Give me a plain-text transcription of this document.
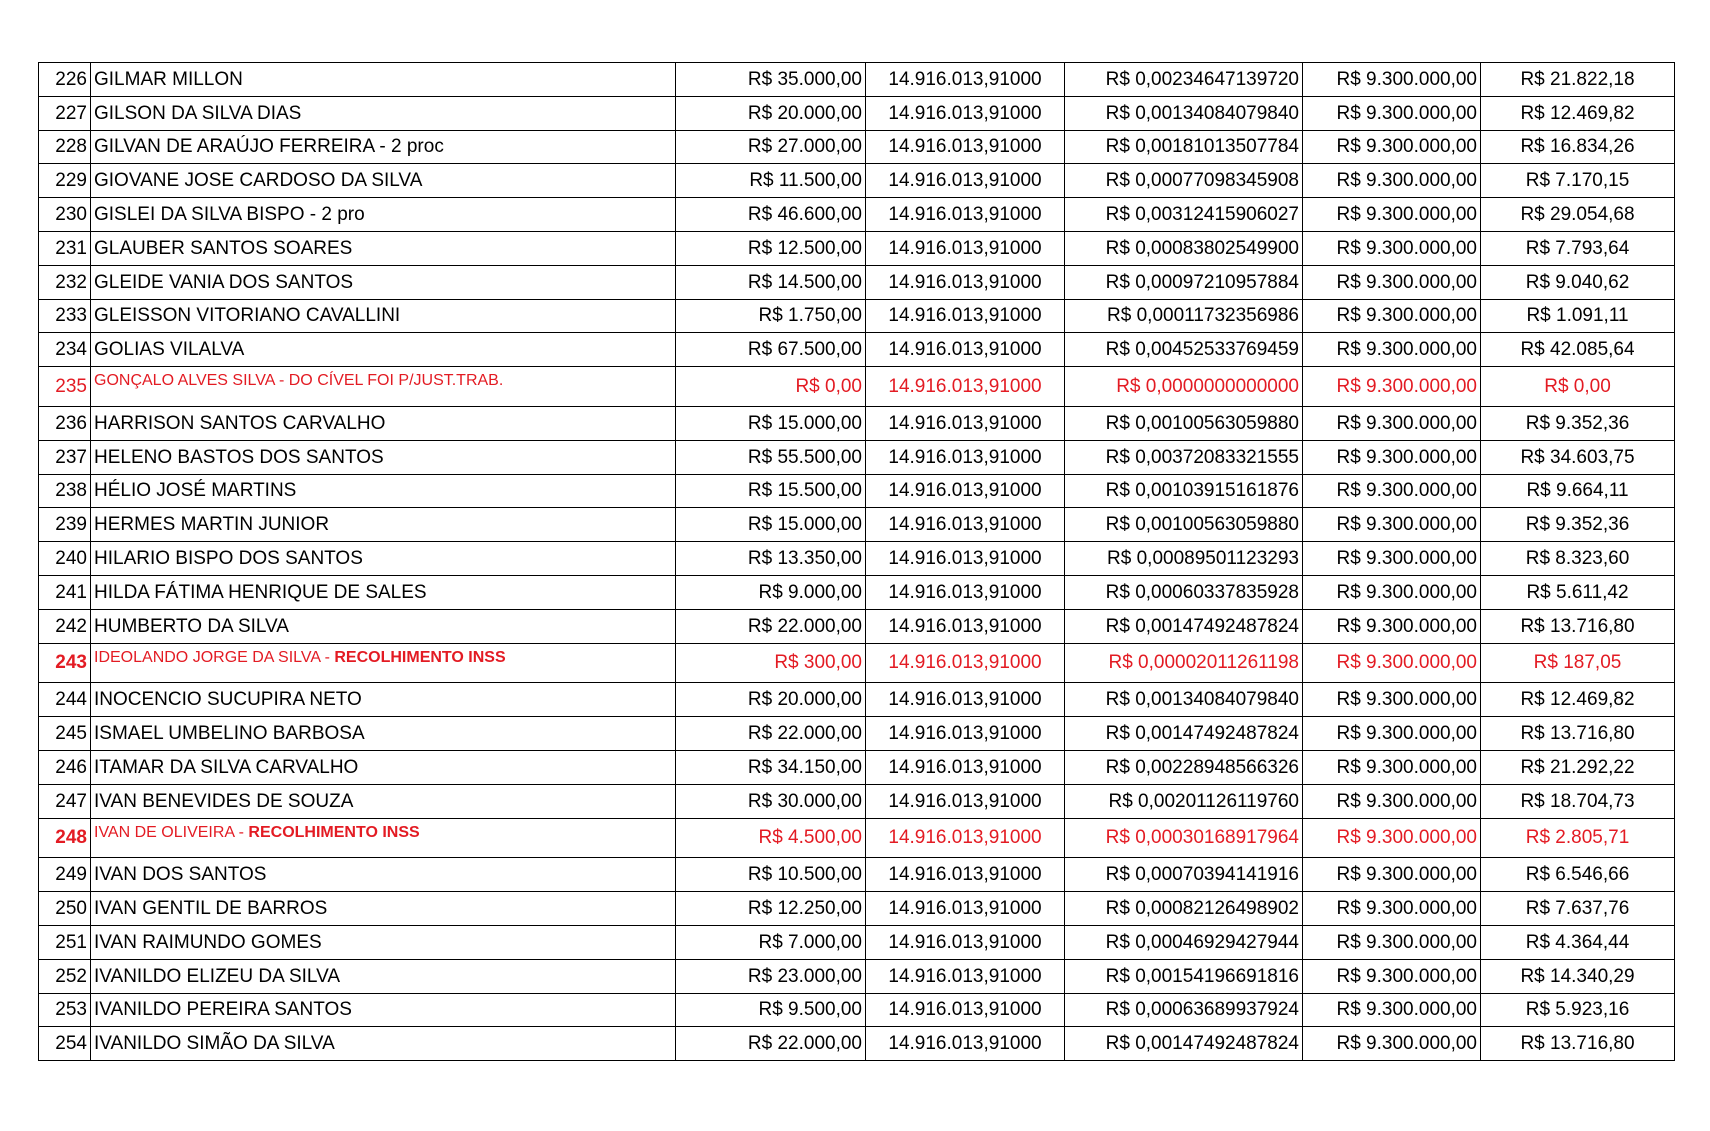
226	GILMAR MILLON	R$ 35.000,00	14.916.013,91000	R$ 0,00234647139720	R$ 9.300.000,00	R$ 21.822,18
227	GILSON DA SILVA DIAS	R$ 20.000,00	14.916.013,91000	R$ 0,00134084079840	R$ 9.300.000,00	R$ 12.469,82
228	GILVAN DE ARAÚJO FERREIRA - 2 proc	R$ 27.000,00	14.916.013,91000	R$ 0,00181013507784	R$ 9.300.000,00	R$ 16.834,26
229	GIOVANE JOSE CARDOSO DA SILVA	R$ 11.500,00	14.916.013,91000	R$ 0,00077098345908	R$ 9.300.000,00	R$ 7.170,15
230	GISLEI DA SILVA BISPO - 2 pro	R$ 46.600,00	14.916.013,91000	R$ 0,00312415906027	R$ 9.300.000,00	R$ 29.054,68
231	GLAUBER SANTOS SOARES	R$ 12.500,00	14.916.013,91000	R$ 0,00083802549900	R$ 9.300.000,00	R$ 7.793,64
232	GLEIDE VANIA DOS SANTOS	R$ 14.500,00	14.916.013,91000	R$ 0,00097210957884	R$ 9.300.000,00	R$ 9.040,62
233	GLEISSON VITORIANO CAVALLINI	R$ 1.750,00	14.916.013,91000	R$ 0,00011732356986	R$ 9.300.000,00	R$ 1.091,11
234	GOLIAS VILALVA	R$ 67.500,00	14.916.013,91000	R$ 0,00452533769459	R$ 9.300.000,00	R$ 42.085,64
235	GONÇALO ALVES SILVA - DO CÍVEL FOI P/JUST.TRAB.	R$ 0,00	14.916.013,91000	R$ 0,0000000000000	R$ 9.300.000,00	R$ 0,00
236	HARRISON SANTOS CARVALHO	R$ 15.000,00	14.916.013,91000	R$ 0,00100563059880	R$ 9.300.000,00	R$ 9.352,36
237	HELENO BASTOS DOS SANTOS	R$ 55.500,00	14.916.013,91000	R$ 0,00372083321555	R$ 9.300.000,00	R$ 34.603,75
238	HÉLIO JOSÉ MARTINS	R$ 15.500,00	14.916.013,91000	R$ 0,00103915161876	R$ 9.300.000,00	R$ 9.664,11
239	HERMES MARTIN JUNIOR	R$ 15.000,00	14.916.013,91000	R$ 0,00100563059880	R$ 9.300.000,00	R$ 9.352,36
240	HILARIO BISPO DOS SANTOS	R$ 13.350,00	14.916.013,91000	R$ 0,00089501123293	R$ 9.300.000,00	R$ 8.323,60
241	HILDA FÁTIMA HENRIQUE DE SALES	R$ 9.000,00	14.916.013,91000	R$ 0,00060337835928	R$ 9.300.000,00	R$ 5.611,42
242	HUMBERTO DA SILVA	R$ 22.000,00	14.916.013,91000	R$ 0,00147492487824	R$ 9.300.000,00	R$ 13.716,80
243	IDEOLANDO JORGE DA SILVA - RECOLHIMENTO INSS	R$ 300,00	14.916.013,91000	R$ 0,00002011261198	R$ 9.300.000,00	R$ 187,05
244	INOCENCIO SUCUPIRA NETO	R$ 20.000,00	14.916.013,91000	R$ 0,00134084079840	R$ 9.300.000,00	R$ 12.469,82
245	ISMAEL UMBELINO BARBOSA	R$ 22.000,00	14.916.013,91000	R$ 0,00147492487824	R$ 9.300.000,00	R$ 13.716,80
246	ITAMAR DA SILVA CARVALHO	R$ 34.150,00	14.916.013,91000	R$ 0,00228948566326	R$ 9.300.000,00	R$ 21.292,22
247	IVAN BENEVIDES DE SOUZA	R$ 30.000,00	14.916.013,91000	R$ 0,00201126119760	R$ 9.300.000,00	R$ 18.704,73
248	IVAN DE OLIVEIRA - RECOLHIMENTO INSS	R$ 4.500,00	14.916.013,91000	R$ 0,00030168917964	R$ 9.300.000,00	R$ 2.805,71
249	IVAN DOS SANTOS	R$ 10.500,00	14.916.013,91000	R$ 0,00070394141916	R$ 9.300.000,00	R$ 6.546,66
250	IVAN GENTIL DE BARROS	R$ 12.250,00	14.916.013,91000	R$ 0,00082126498902	R$ 9.300.000,00	R$ 7.637,76
251	IVAN RAIMUNDO GOMES	R$ 7.000,00	14.916.013,91000	R$ 0,00046929427944	R$ 9.300.000,00	R$ 4.364,44
252	IVANILDO ELIZEU DA SILVA	R$ 23.000,00	14.916.013,91000	R$ 0,00154196691816	R$ 9.300.000,00	R$ 14.340,29
253	IVANILDO PEREIRA SANTOS	R$ 9.500,00	14.916.013,91000	R$ 0,00063689937924	R$ 9.300.000,00	R$ 5.923,16
254	IVANILDO SIMÃO DA SILVA	R$ 22.000,00	14.916.013,91000	R$ 0,00147492487824	R$ 9.300.000,00	R$ 13.716,80
